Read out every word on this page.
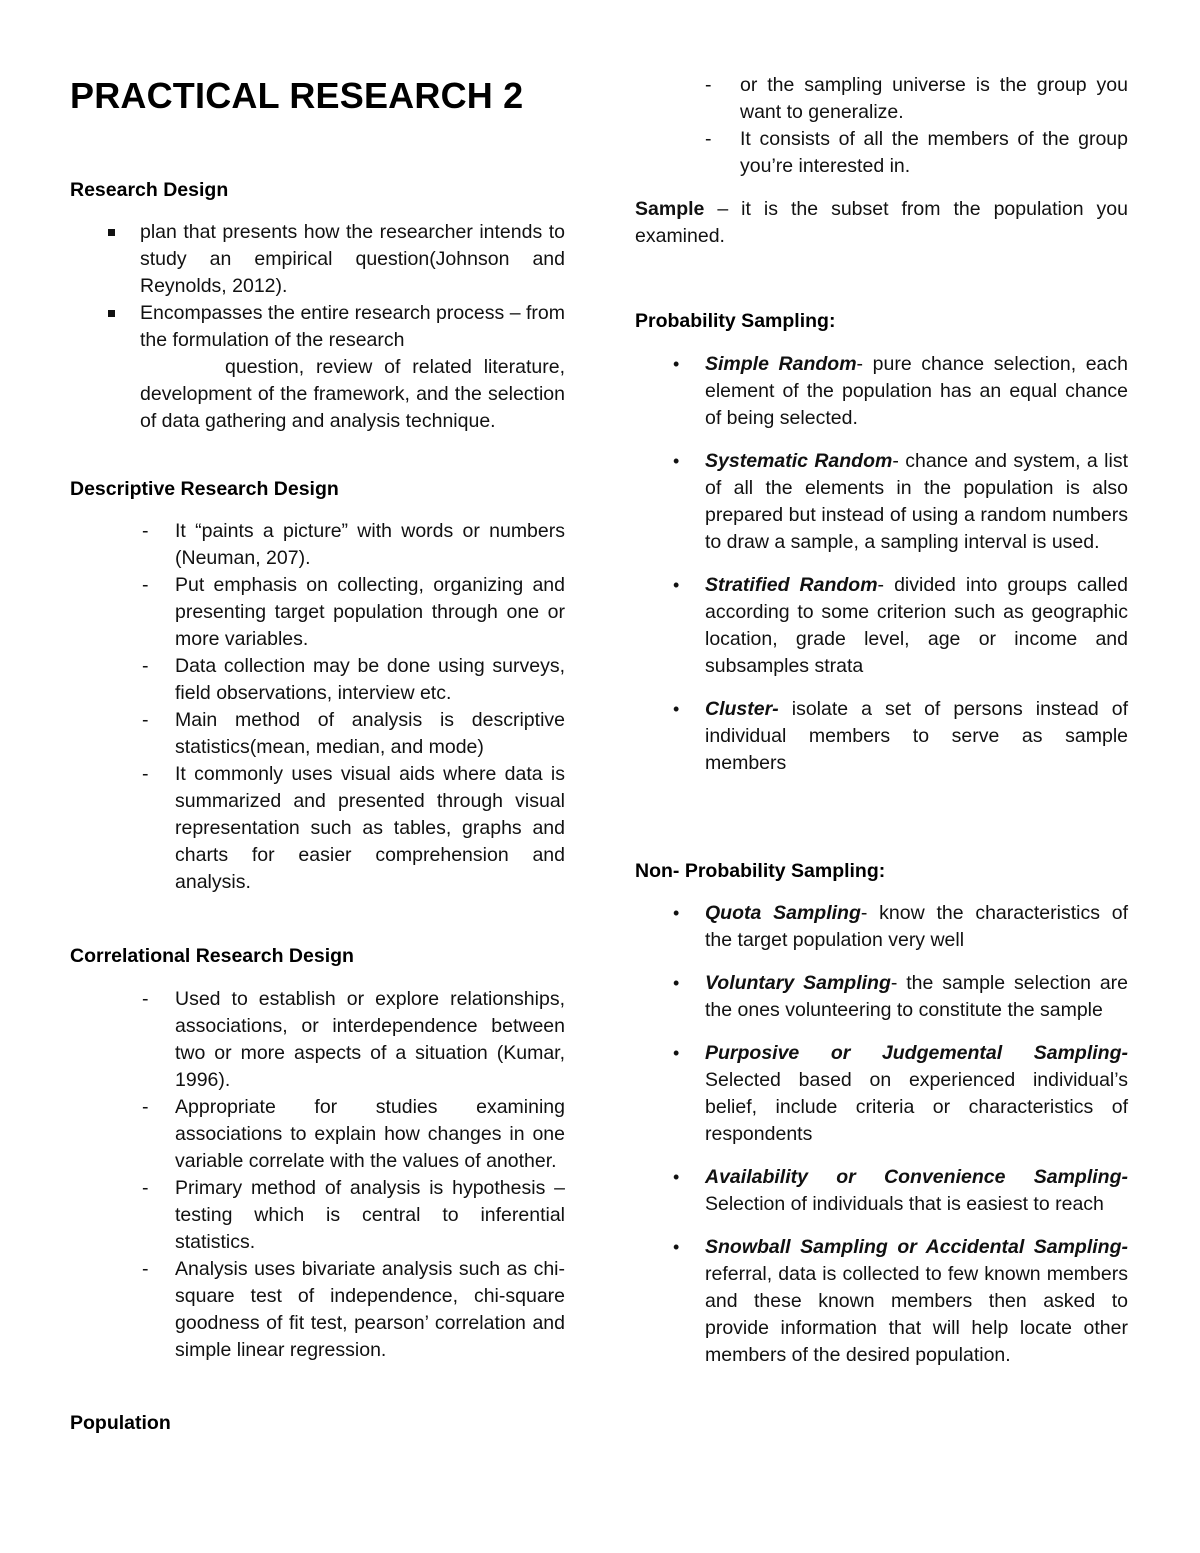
PRACTICAL RESEARCH 2
Research Design
plan that presents how the researcher intends to study an empirical question(Johnson and Reynolds, 2012).
Encompasses the entire research process – from the formulation of the research
question, review of related literature, development of the framework, and the selection of data gathering and analysis technique.
Descriptive Research Design
- It “paints a picture” with words or numbers (Neuman, 207).
- Put emphasis on collecting, organizing and presenting target population through one or more variables.
- Data collection may be done using surveys, field observations, interview etc.
- Main method of analysis is descriptive statistics(mean, median, and mode)
- It commonly uses visual aids where data is summarized and presented through visual representation such as tables, graphs and charts for easier comprehension and analysis.
Correlational Research Design
- Used to establish or explore relationships, associations, or interdependence between two or more aspects of a situation (Kumar, 1996).
- Appropriate for studies examining associations to explain how changes in one variable correlate with the values of another.
- Primary method of analysis is hypothesis –testing which is central to inferential statistics.
- Analysis uses bivariate analysis such as chi-square test of independence, chi-square goodness of fit test, pearson’ correlation and simple linear regression.
Population
- or the sampling universe is the group you want to generalize.
- It consists of all the members of the group you’re interested in.

Sample – it is the subset from the population you examined.

Probability Sampling:
• Simple Random- pure chance selection, each element of the population has an equal chance of being selected.
• Systematic Random- chance and system, a list of all the elements in the population is also prepared but instead of using a random numbers to draw a sample, a sampling interval is used.
• Stratified Random- divided into groups called according to some criterion such as geographic location, grade level, age or income and subsamples strata
• Cluster- isolate a set of persons instead of individual members to serve as sample members
Non- Probability Sampling:
• Quota Sampling- know the characteristics of the target population very well
• Voluntary Sampling- the sample selection are the ones volunteering to constitute the sample
• Purposive or Judgemental Sampling- Selected based on experienced individual’s belief, include criteria or characteristics of respondents
• Availability or Convenience Sampling- Selection of individuals that is easiest to reach
• Snowball Sampling or Accidental Sampling- referral, data is collected to few known members and these known members then asked to provide information that will help locate other members of the desired population.
